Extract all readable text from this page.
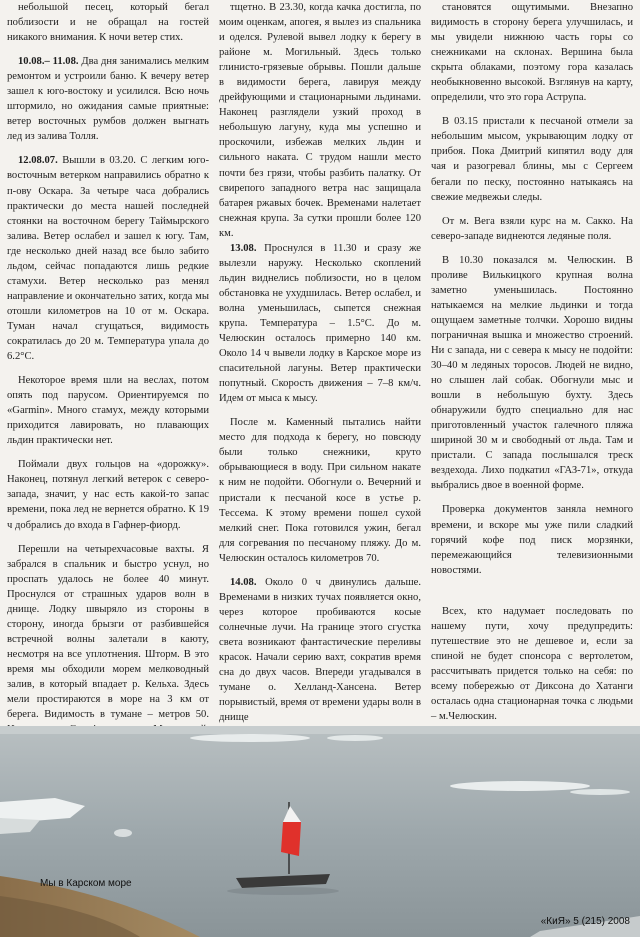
небольшой песец, который бегал поблизости и не обращал на гостей никакого внимания. К ночи ветер стих.

10.08.– 11.08. Два дня занимались мелким ремонтом и устроили баню. К вечеру ветер зашел к юго-востоку и усилился. Всю ночь штормило, но ожидания самые приятные: ветер восточных румбов должен выгнать лед из залива Толля.

12.08.07. Вышли в 03.20. С легким юго-восточным ветерком направились обратно к п-ову Оскара. За четыре часа добрались практически до места нашей последней стоянки на восточном берегу Таймырского залива. Ветер ослабел и зашел к югу. Там, где несколько дней назад все было забито льдом, сейчас попадаются лишь редкие стамухи. Ветер несколько раз менял направление и окончательно затих, когда мы отошли километров на 10 от м. Оскара. Туман начал сгущаться, видимость сократилась до 20 м. Температура упала до 6.2°С.

Некоторое время шли на веслах, потом опять под парусом. Ориентируемся по «Garmin». Много стамух, между которыми приходится лавировать, но плавающих льдин практически нет.

Поймали двух гольцов на «дорожку». Наконец, потянул легкий ветерок с северо-запада, значит, у нас есть какой-то запас времени, пока лед не вернется обратно. К 19 ч добрались до входа в Гафнер-фиорд.

Перешли на четырехчасовые вахты. Я забрался в спальник и быстро уснул, но проспать удалось не более 40 минут. Проснулся от страшных ударов волн в днище. Лодку швыряло из стороны в сторону, иногда брызги от разбившейся встречной волны залетали в каюту, несмотря на все уплотнения. Шторм. В это время мы обходили морем мелководный залив, в который впадает р. Кельха. Здесь мели простираются в море на 3 км от берега. Видимость в тумане – метров 50.

тщетно. В 23.30, когда качка достигла, по моим оценкам, апогея, я вылез из спальника и оделся. Рулевой вывел лодку к берегу в районе м. Могильный. Здесь только глинисто-грязевые обрывы. Пошли дальше в видимости берега, лавируя между дрейфующими и стационарными льдинами. Наконец разглядели узкий проход в небольшую лагуну, куда мы успешно и проскочили, избежав мелких льдин и сильного наката. С трудом нашли место почти без грязи, чтобы разбить палатку. От свирепого западного ветра нас защищала батарея ржавых бочек. Временами налетает снежная крупа. За сутки прошли более 120 км.

13.08. Проснулся в 11.30 и сразу же вылезли наружу. Несколько скоплений льдин виднелись поблизости, но в целом обстановка не ухудшилась. Ветер ослабел, и волна уменьшилась, сыпется снежная крупа. Температура – 1.5°С. До м. Челюскин осталось примерно 140 км. Около 14 ч вывели лодку в Карское море из спасительной лагуны. Ветер практически попутный. Скорость движения – 7–8 км/ч. Идем от мыса к мысу.

После м. Каменный пытались найти место для подхода к берегу, но повсюду были только снежники, круто обрывающиеся в воду. При сильном накате к ним не подойти. Обогнули о. Вечерний и пристали к песчаной косе в устье р. Тессема. К этому времени пошел сухой мелкий снег. Пока готовился ужин, бегал для согревания по песчаному пляжу. До м. Челюскин осталось километров 70.

14.08. Около 0 ч двинулись дальше. Временами в низких тучах появляется окно, через которое пробиваются косые солнечные лучи. На границе этого сгустка света возникают фантастические переливы красок. Начали серию вахт, сократив время сна до двух часов. Впереди угадывался в тумане о. Хелланд-Хансена. Ветер порывистый, время от времени удары волн в днище

становятся ощутимыми. Внезапно видимость в сторону берега улучшилась, и мы увидели нижнюю часть горы со снежниками на склонах. Вершина была скрыта облаками, поэтому гора казалась необыкновенно высокой. Взглянув на карту, определили, что это гора Аструпа.

В 03.15 пристали к песчаной отмели за небольшим мысом, укрывающим лодку от прибоя. Пока Дмитрий кипятил воду для чая и разогревал блины, мы с Сергеем бегали по песку, постоянно натыкаясь на свежие медвежьи следы.

От м. Вега взяли курс на м. Сакко. На северо-западе виднеются ледяные поля.

В 10.30 показался м. Челюскин. В проливе Вилькицкого крупная волна заметно уменьшилась. Постоянно натыкаемся на мелкие льдинки и тогда ощущаем заметные толчки. Хорошо видны пограничная вышка и множество строений. Ни с запада, ни с севера к мысу не подойти: 30–40 м ледяных торосов. Людей не видно, но слышен лай собак. Обогнули мыс и вошли в небольшую бухту. Здесь обнаружили будто специально для нас приготовленный участок галечного пляжа шириной 30 м и свободный от льда. Там и пристали. С запада послышался треск вездехода. Лихо подкатил «ГАЗ-71», откуда выбрались двое в военной форме.

Проверка документов заняла немного времени, и вскоре мы уже пили сладкий горячий кофе под писк морзянки, перемежающийся телевизионными новостями.

Всех, кто надумает последовать по нашему пути, хочу предупредить: путешествие это не дешевое и, если за спиной не будет спонсора с вертолетом, рассчитывать придется только на себя: по всему побережью от Диксона до Хатанги осталась одна стационарная точка с людьми – м.Челюскин.

Мы в Карском море
«КиЯ» 5 (215) 2008
